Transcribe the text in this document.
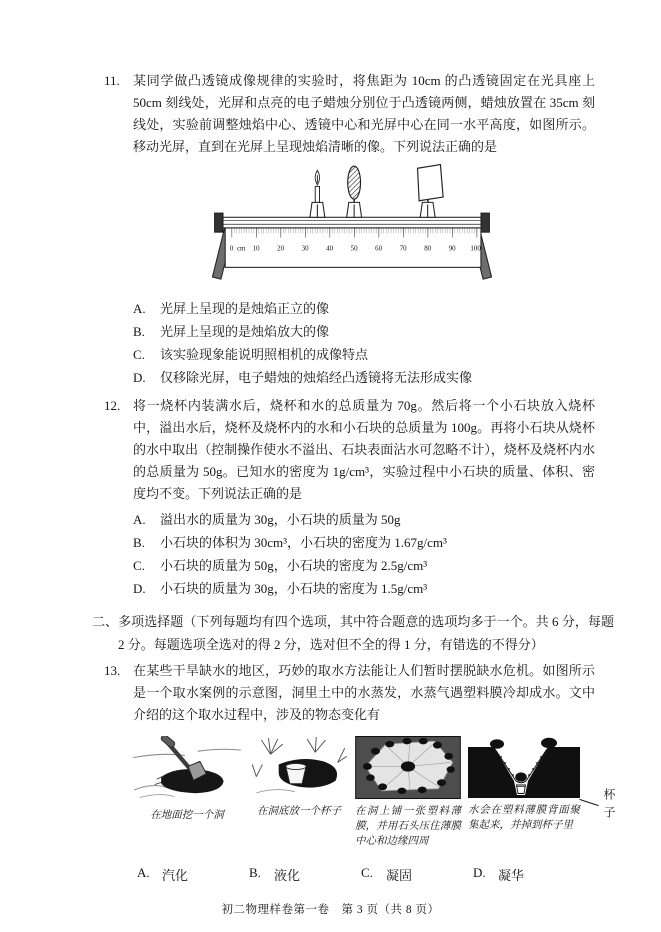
11.	某同学做凸透镜成像规律的实验时，将焦距为 10cm 的凸透镜固定在光具座上 50cm 刻线处，光屏和点亮的电子蜡烛分别位于凸透镜两侧，蜡烛放置在 35cm 刻线处，实验前调整烛焰中心、透镜中心和光屏中心在同一水平高度，如图所示。移动光屏，直到在光屏上呈现烛焰清晰的像。下列说法正确的是
0 cm 10	20	30	40	50	60	70	80	90 100
A.	光屏上呈现的是烛焰正立的像
B.	光屏上呈现的是烛焰放大的像
C.	该实验现象能说明照相机的成像特点
D.	仅移除光屏，电子蜡烛的烛焰经凸透镜将无法形成实像
12. 将一烧杯内装满水后，烧杯和水的总质量为 70g。然后将一个小石块放入烧杯中，溢出水后，烧杯及烧杯内的水和小石块的总质量为 100g。再将小石块从烧杯的水中取出（控制操作使水不溢出、石块表面沾水可忽略不计），烧杯及烧杯内水的总质量为 50g。已知水的密度为 1g/cm³，实验过程中小石块的质量、体积、密度均不变。下列说法正确的是
A.	溢出水的质量为 30g，小石块的质量为 50g
B.	小石块的体积为 30cm³，小石块的密度为 1.67g/cm³
C.	小石块的质量为 50g，小石块的密度为 2.5g/cm³
D.	小石块的质量为 30g，小石块的密度为 1.5g/cm³
二、多项选择题（下列每题均有四个选项，其中符合题意的选项均多于一个。共 6 分，每题 2 分。每题选项全选对的得 2 分，选对但不全的得 1 分，有错选的不得分）
13. 在某些干旱缺水的地区，巧妙的取水方法能让人们暂时摆脱缺水危机。如图所示是一个取水案例的示意图，洞里土中的水蒸发，水蒸气遇塑料膜冷却成水。文中介绍的这个取水过程中，涉及的物态变化有
在地面挖一个洞	在洞底放一个杯子	在洞上铺一张塑料薄膜，并用石头压住薄膜中心和边缘四周
水会在塑料薄膜背面聚集起来，并掉到杯子里
杯子
A. 汽化	B.	液化	C.	凝固	D. 凝华
初二物理样卷第一卷　第 3 页（共 8 页）
